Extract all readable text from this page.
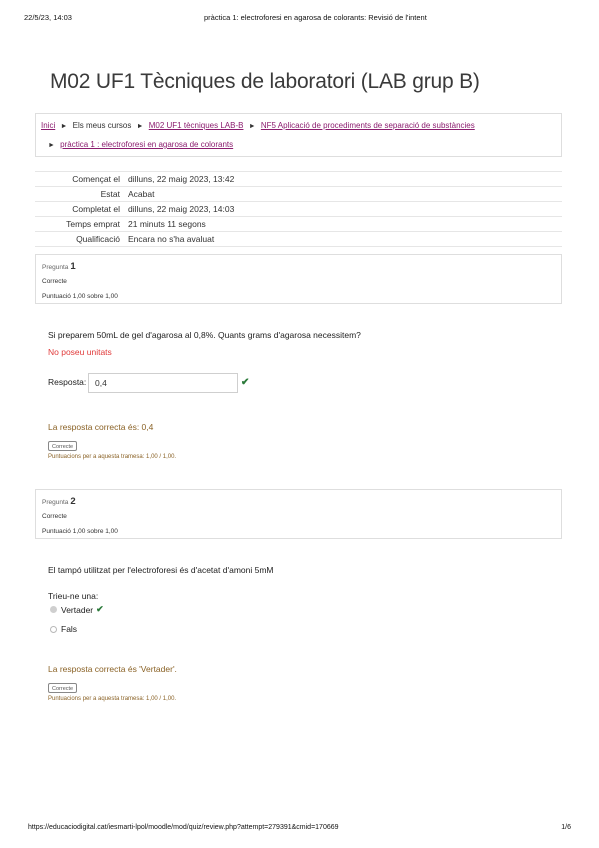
22/5/23, 14:03	pràctica 1: electroforesi en agarosa de colorants: Revisió de l'intent
M02 UF1 Tècniques de laboratori (LAB grup B)
Inici ► Els meus cursos ► M02 UF1 tècniques LAB-B ► NF5 Aplicació de procediments de separació de substàncies
► pràctica 1 : electroforesi en agarosa de colorants
Començat el	dilluns, 22 maig 2023, 13:42
Estat	Acabat
Completat el	dilluns, 22 maig 2023, 14:03
Temps emprat	21 minuts 11 segons
Qualificació	Encara no s'ha avaluat
Pregunta 1
Correcte
Puntuació 1,00 sobre 1,00
Si preparem 50mL de gel d'agarosa al 0,8%. Quants grams d'agarosa necessitem?
No poseu unitats
Resposta:
0,4	✔
La resposta correcta és: 0,4
Correcte
Puntuacions per a aquesta tramesa: 1,00 / 1,00.
Pregunta 2
Correcte
Puntuació 1,00 sobre 1,00
El tampó utilitzat per l'electroforesi és d'acetat d'amoni 5mM
Trieu-ne una:
Vertader ✔
Fals
La resposta correcta és 'Vertader'.
Correcte
Puntuacions per a aquesta tramesa: 1,00 / 1,00.
https://educaciodigital.cat/iesmarti-lpol/moodle/mod/quiz/review.php?attempt=279391&cmid=170669	1/6
